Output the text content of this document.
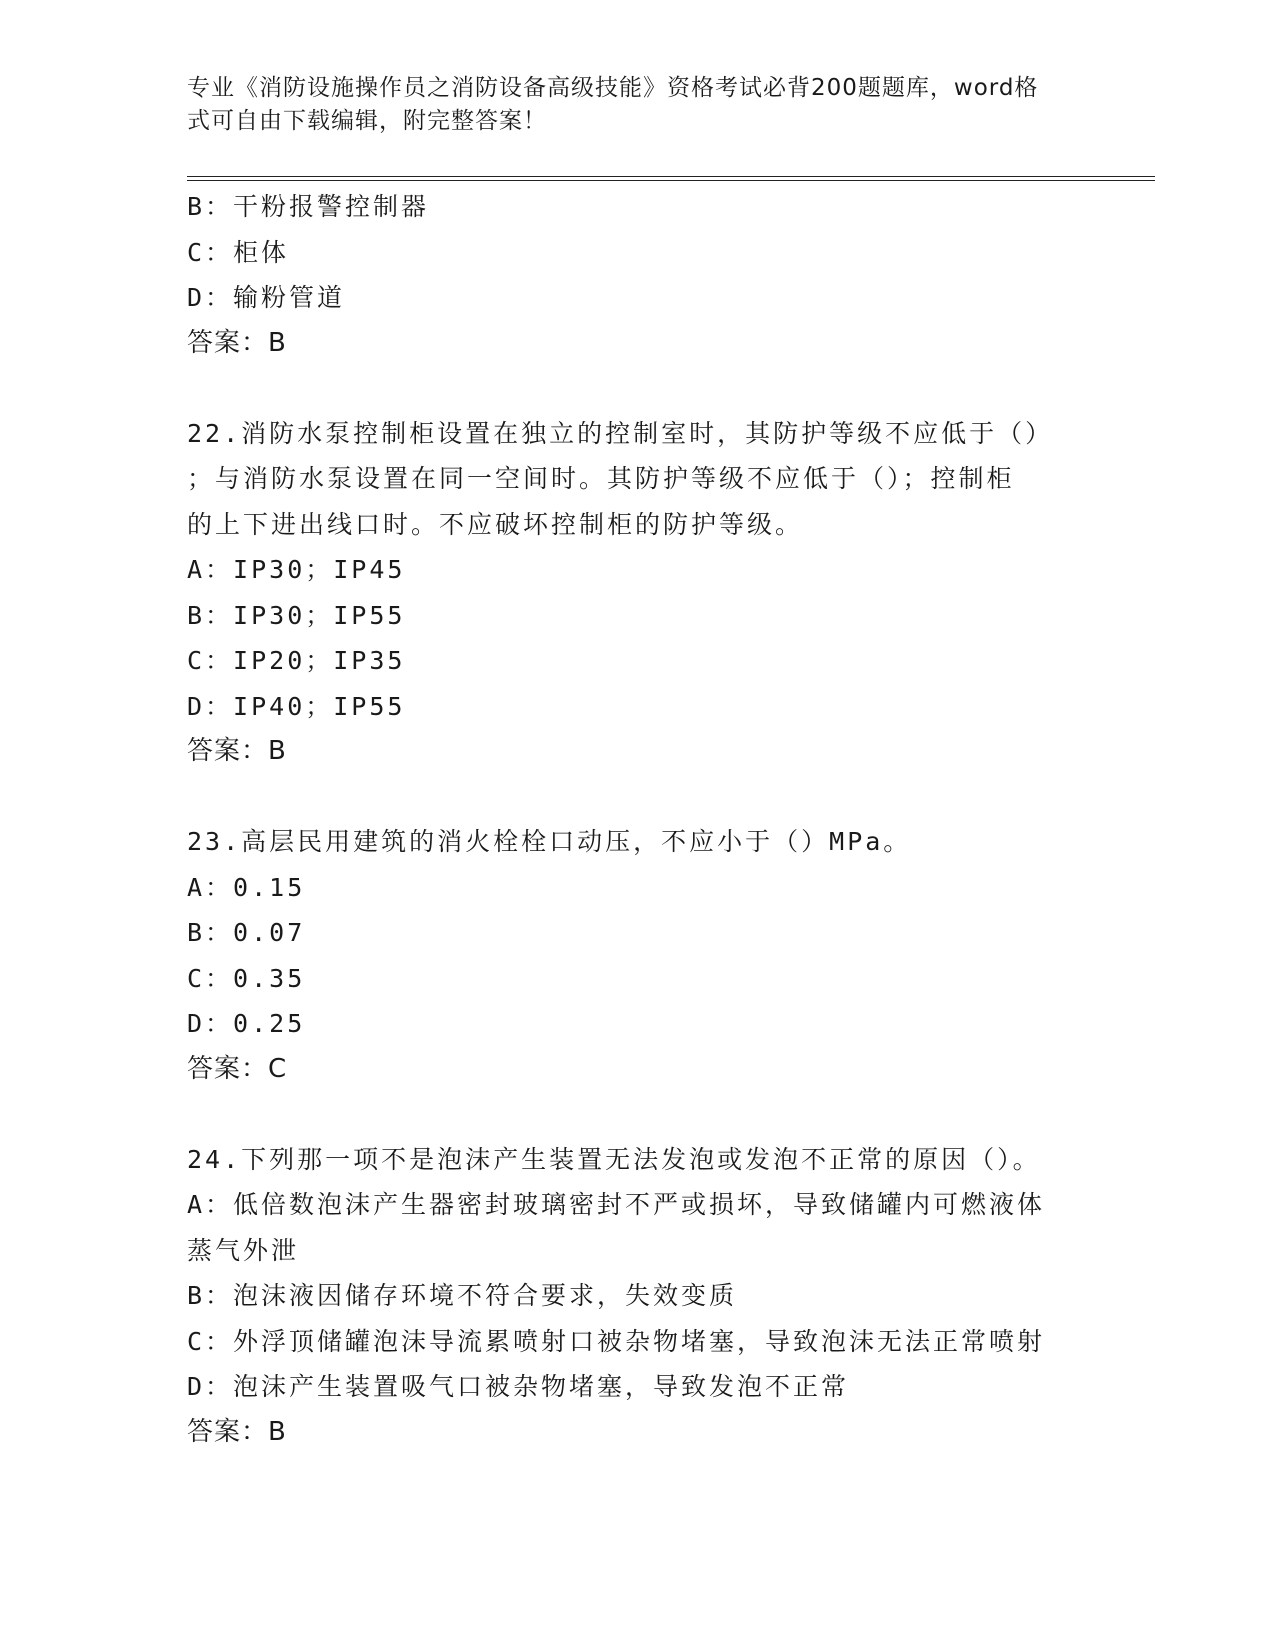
专业《消防设施操作员之消防设备高级技能》资格考试必背200题题库，word格
式可自由下载编辑，附完整答案！
B：干粉报警控制器
C：柜体
D：输粉管道
答案：B
22.消防水泵控制柜设置在独立的控制室时，其防护等级不应低于（）
；与消防水泵设置在同一空间时。其防护等级不应低于（）；控制柜
的上下进出线口时。不应破坏控制柜的防护等级。
A：IP30；IP45
B：IP30；IP55
C：IP20；IP35
D：IP40；IP55
答案：B
23.高层民用建筑的消火栓栓口动压，不应小于（）MPa。
A：0.15
B：0.07
C：0.35
D：0.25
答案：C
24.下列那一项不是泡沫产生装置无法发泡或发泡不正常的原因（）。
A：低倍数泡沫产生器密封玻璃密封不严或损坏，导致储罐内可燃液体
蒸气外泄
B：泡沫液因储存环境不符合要求，失效变质
C：外浮顶储罐泡沫导流累喷射口被杂物堵塞，导致泡沫无法正常喷射
D：泡沫产生装置吸气口被杂物堵塞，导致发泡不正常
答案：B
